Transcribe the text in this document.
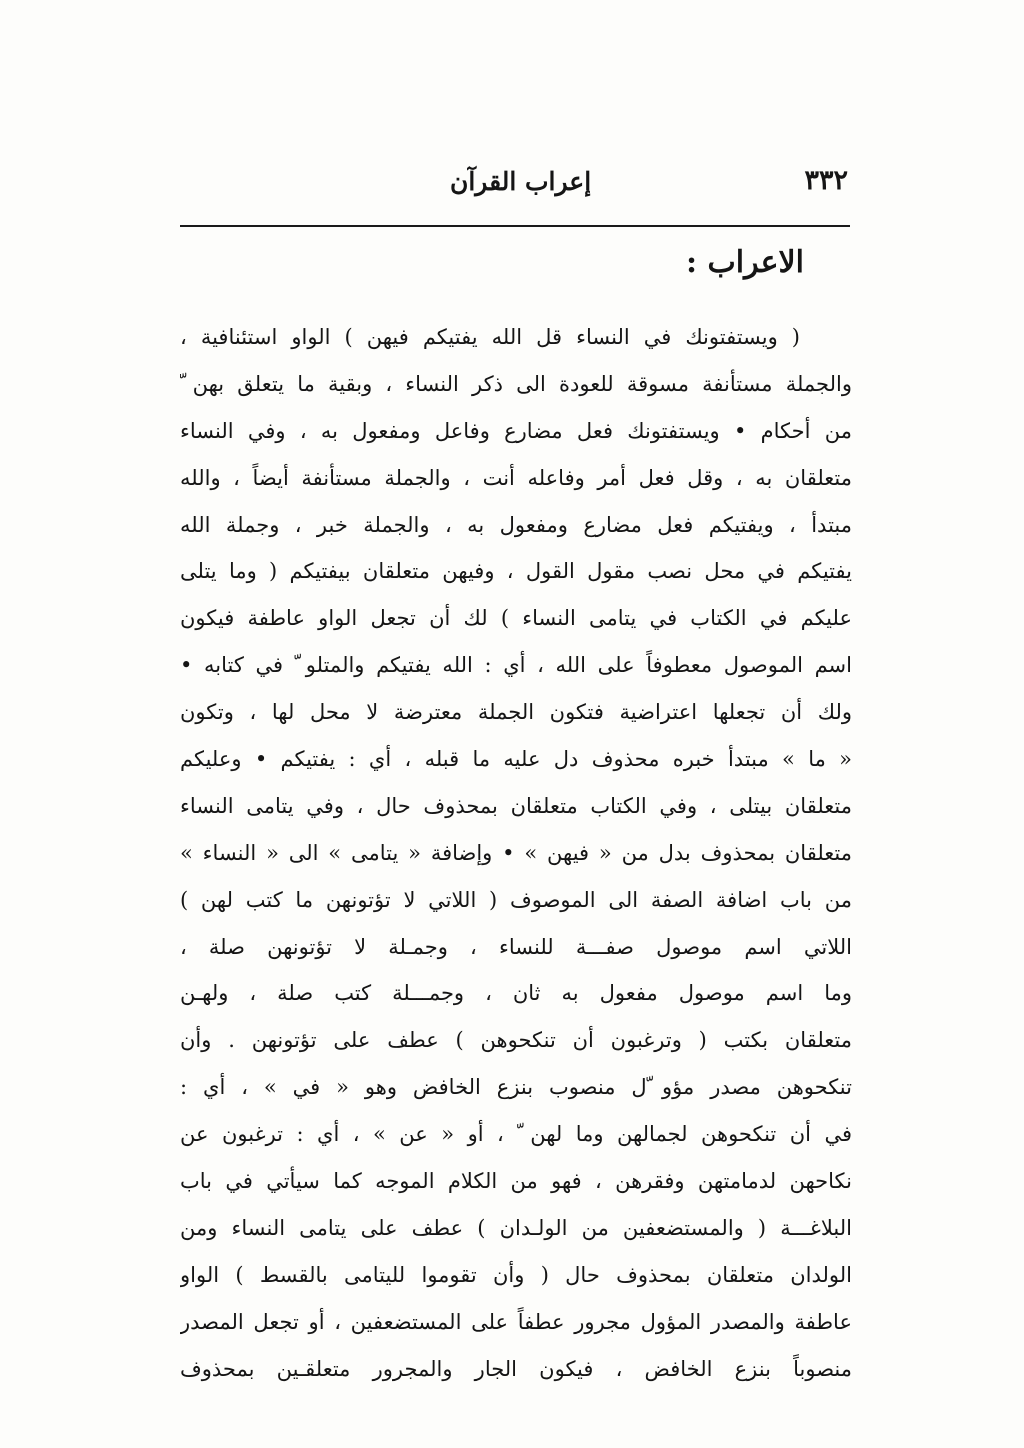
إعراب القرآن	٣٣٢
الاعراب :
( ويستفتونك في النساء قل الله يفتيكم فيهن ) الواو استئنافية ،
والجملة مستأنفة مسوقة للعودة الى ذكر النساء ، وبقية ما يتعلق بهن ّ
من أحكام • ويستفتونك فعل مضارع وفاعل ومفعول به ، وفي النساء
متعلقان به ، وقل فعل أمر وفاعله أنت ، والجملة مستأنفة أيضاً ، والله
مبتدأ ، ويفتيكم فعل مضارع ومفعول به ، والجملة خبر ، وجملة الله
يفتيكم في محل نصب مقول القول ، وفيهن متعلقان بيفتيكم ( وما يتلى
عليكم في الكتاب في يتامى النساء ) لك أن تجعل الواو عاطفة فيكون
اسم الموصول معطوفاً على الله ، أي : الله يفتيكم والمتلو ّ في كتابه •
ولك أن تجعلها اعتراضية فتكون الجملة معترضة لا محل لها ، وتكون
« ما » مبتدأ خبره محذوف دل عليه ما قبله ، أي : يفتيكم • وعليكم
متعلقان بيتلى ، وفي الكتاب متعلقان بمحذوف حال ، وفي يتامى النساء
متعلقان بمحذوف بدل من « فيهن » • وإضافة « يتامى » الى « النساء »
من باب اضافة الصفة الى الموصوف ( اللاتي لا تؤتونهن ما كتب لهن )
اللاتي اسم موصول صفـــة للنساء ، وجمـلة لا تؤتونهن صلة ،
وما اسم موصول مفعول به ثان ، وجمـــلة كتب صلة ، ولهـن
متعلقان بكتب ( وترغبون أن تنكحوهن ) عطف على تؤتونهن . وأن
تنكحوهن مصدر مؤو ّل منصوب بنزع الخافض وهو « في » ، أي :
في أن تنكحوهن لجمالهن وما لهن ّ ، أو « عن » ، أي : ترغبون عن
نكاحهن لدمامتهن وفقرهن ، فهو من الكلام الموجه كما سيأتي في باب
البلاغـــة ( والمستضعفين من الولـدان ) عطف على يتامى النساء ومن
الولدان متعلقان بمحذوف حال ( وأن تقوموا لليتامى بالقسط ) الواو
عاطفة والمصدر المؤول مجرور عطفاً على المستضعفين ، أو تجعل المصدر
منصوباً بنزع الخافض ، فيكون الجار والمجرور متعلقـين بمحذوف
